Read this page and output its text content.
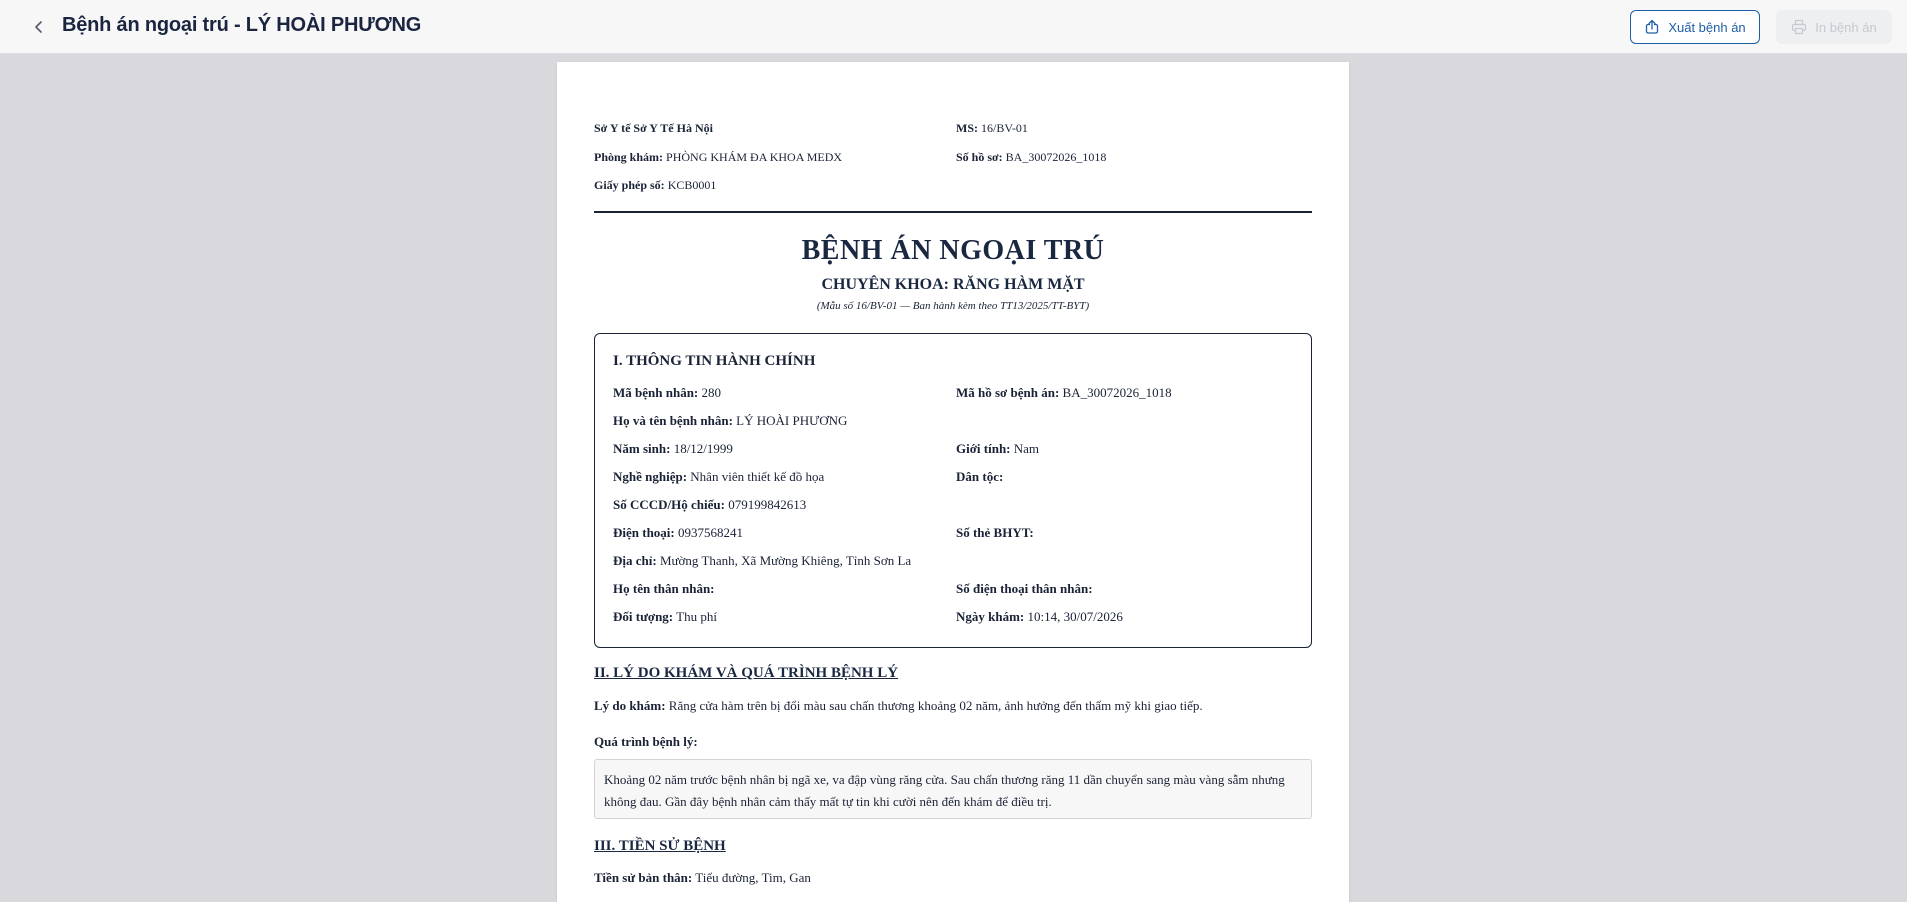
Bệnh án ngoại trú - LÝ HOÀI PHƯƠNG	Xuất bệnh án	In bệnh án
Sở Y tế Sở Y Tế Hà Nội	MS: 16/BV-01
Phòng khám: PHÒNG KHÁM ĐA KHOA MEDX	Số hồ sơ: BA_30072026_1018
Giấy phép số: KCB0001
BỆNH ÁN NGOẠI TRÚ
CHUYÊN KHOA: RĂNG HÀM MẶT
(Mẫu số 16/BV-01 — Ban hành kèm theo TT13/2025/TT-BYT)
I. THÔNG TIN HÀNH CHÍNH
Mã bệnh nhân: 280	Mã hồ sơ bệnh án: BA_30072026_1018
Họ và tên bệnh nhân: LÝ HOÀI PHƯƠNG
Năm sinh: 18/12/1999	Giới tính: Nam
Nghề nghiệp: Nhân viên thiết kế đồ họa	Dân tộc:
Số CCCD/Hộ chiếu: 079199842613
Điện thoại: 0937568241	Số thẻ BHYT:
Địa chỉ: Mường Thanh, Xã Mường Khiêng, Tỉnh Sơn La
Họ tên thân nhân:	Số điện thoại thân nhân:
Đối tượng: Thu phí	Ngày khám: 10:14, 30/07/2026
II. LÝ DO KHÁM VÀ QUÁ TRÌNH BỆNH LÝ
Lý do khám: Răng cửa hàm trên bị đổi màu sau chấn thương khoảng 02 năm, ảnh hưởng đến thẩm mỹ khi giao tiếp.
Quá trình bệnh lý:
Khoảng 02 năm trước bệnh nhân bị ngã xe, va đập vùng răng cửa. Sau chấn thương răng 11 dần chuyển sang màu vàng sẫm nhưng không đau. Gần đây bệnh nhân cảm thấy mất tự tin khi cười nên đến khám để điều trị.
III. TIỀN SỬ BỆNH
Tiền sử bản thân: Tiểu đường, Tim, Gan
